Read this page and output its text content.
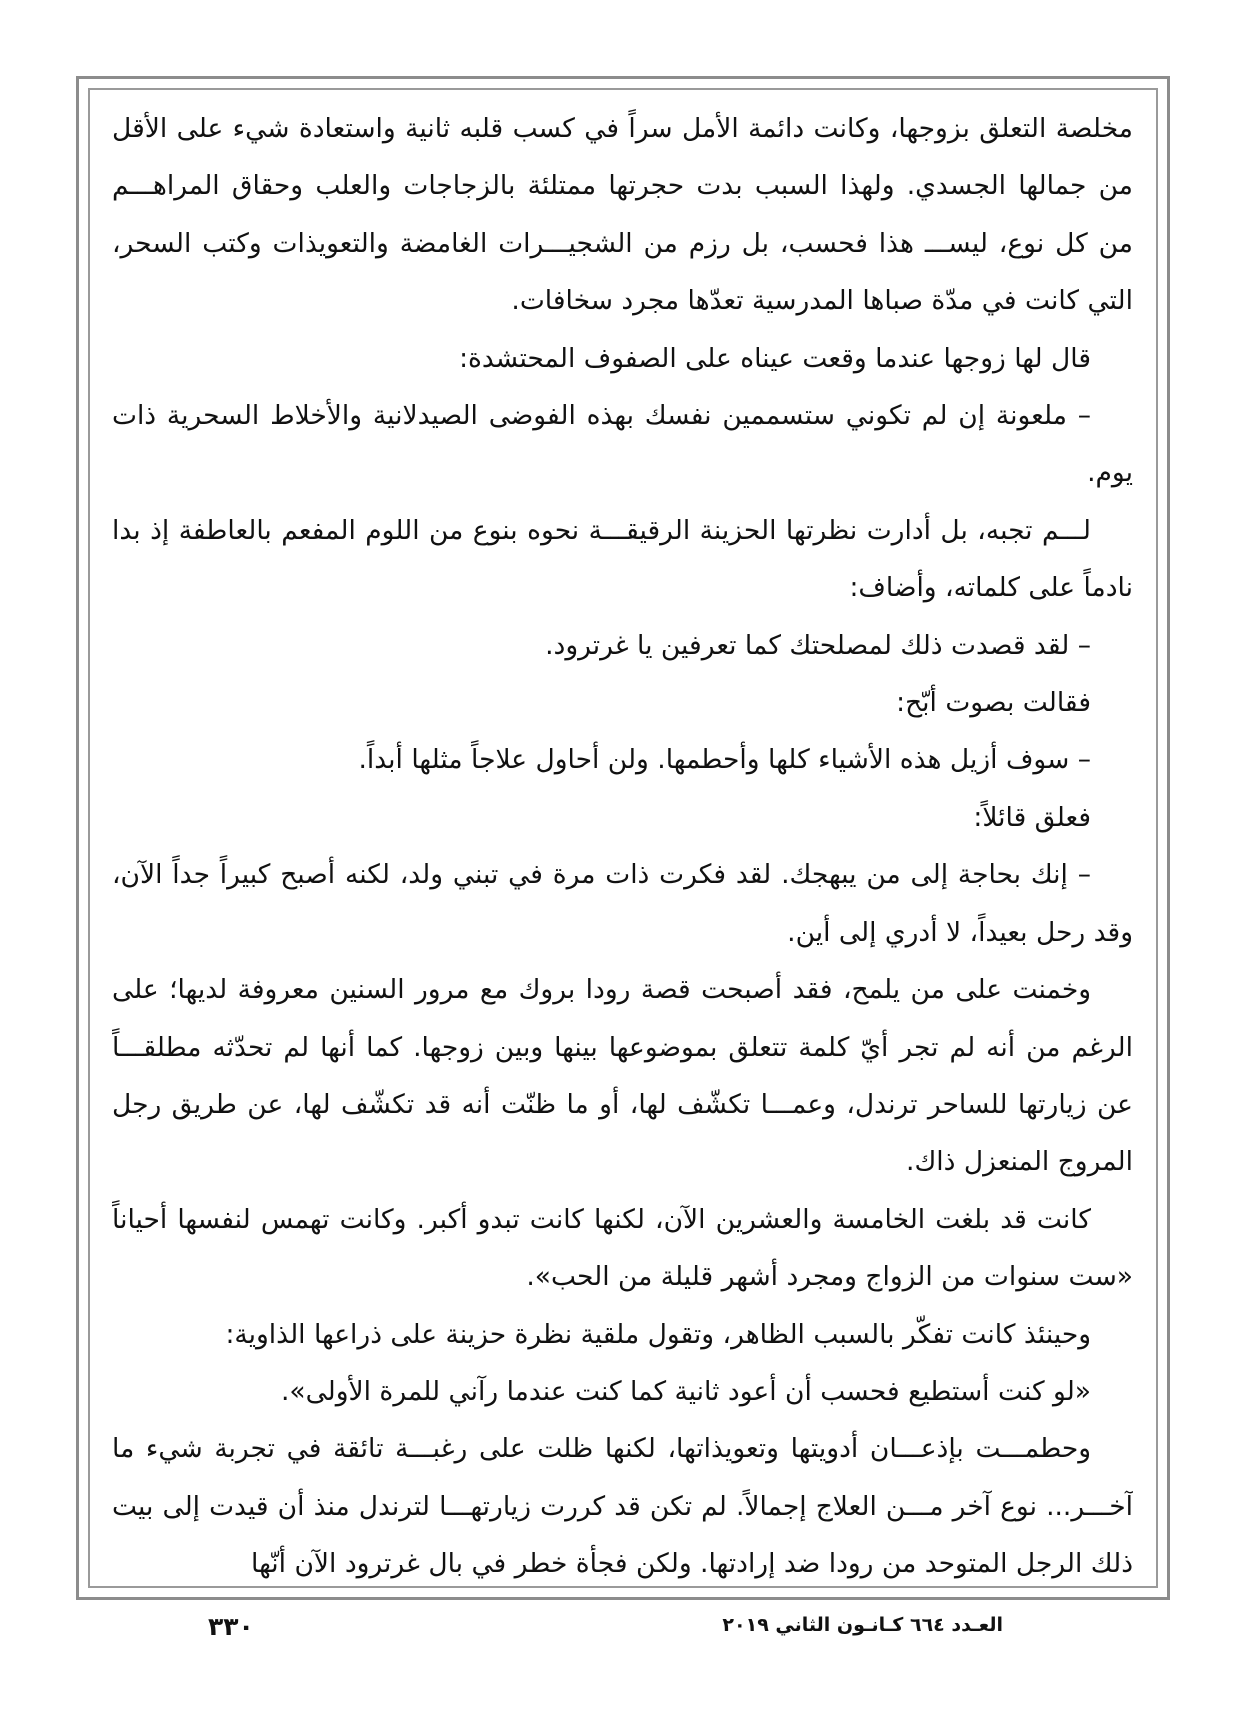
مخلصة التعلق بزوجها، وكانت دائمة الأمل سراً في كسب قلبه ثانية واستعادة شيء على الأقل من جمالها الجسدي. ولهذا السبب بدت حجرتها ممتلئة بالزجاجات والعلب وحقاق المراهـــم من كل نوع، ليســـ هذا فحسب، بل رزم من الشجيـــرات الغامضة والتعويذات وكتب السحر، التي كانت في مدّة صباها المدرسية تعدّها مجرد سخافات.

قال لها زوجها عندما وقعت عيناه على الصفوف المحتشدة:

– ملعونة إن لم تكوني ستسممين نفسك بهذه الفوضى الصيدلانية والأخلاط السحرية ذات يوم.

لـــم تجبه، بل أدارت نظرتها الحزينة الرقيقـــة نحوه بنوع من اللوم المفعم بالعاطفة إذ بدا نادماً على كلماته، وأضاف:

– لقد قصدت ذلك لمصلحتك كما تعرفين يا غرترود.

فقالت بصوت أبّح:

– سوف أزيل هذه الأشياء كلها وأحطمها. ولن أحاول علاجاً مثلها أبداً.

فعلق قائلاً:

– إنك بحاجة إلى من يبهجك. لقد فكرت ذات مرة في تبني ولد، لكنه أصبح كبيراً جداً الآن، وقد رحل بعيداً، لا أدري إلى أين.

وخمنت على من يلمح، فقد أصبحت قصة رودا بروك مع مرور السنين معروفة لديها؛ على الرغم من أنه لم تجر أيّ كلمة تتعلق بموضوعها بينها وبين زوجها. كما أنها لم تحدّثه مطلقـــاً عن زيارتها للساحر ترندل، وعمـــا تكشّف لها، أو ما ظنّت أنه قد تكشّف لها، عن طريق رجل المروج المنعزل ذاك.

كانت قد بلغت الخامسة والعشرين الآن، لكنها كانت تبدو أكبر. وكانت تهمس لنفسها أحياناً «ست سنوات من الزواج ومجرد أشهر قليلة من الحب».

وحينئذ كانت تفكّر بالسبب الظاهر، وتقول ملقية نظرة حزينة على ذراعها الذاوية:

«لو كنت أستطيع فحسب أن أعود ثانية كما كنت عندما رآني للمرة الأولى».

وحطمـــت بإذعـــان أدويتها وتعويذاتها، لكنها ظلت على رغبـــة تائقة في تجربة شيء ما آخـــر... نوع آخر مـــن العلاج إجمالاً. لم تكن قد كررت زيارتهـــا لترندل منذ أن قيدت إلى بيت ذلك الرجل المتوحد من رودا ضد إرادتها. ولكن فجأة خطر في بال غرترود الآن أنّها

٣٣٠	العـدد ٦٦٤ كـانـون الثاني ٢٠١٩
